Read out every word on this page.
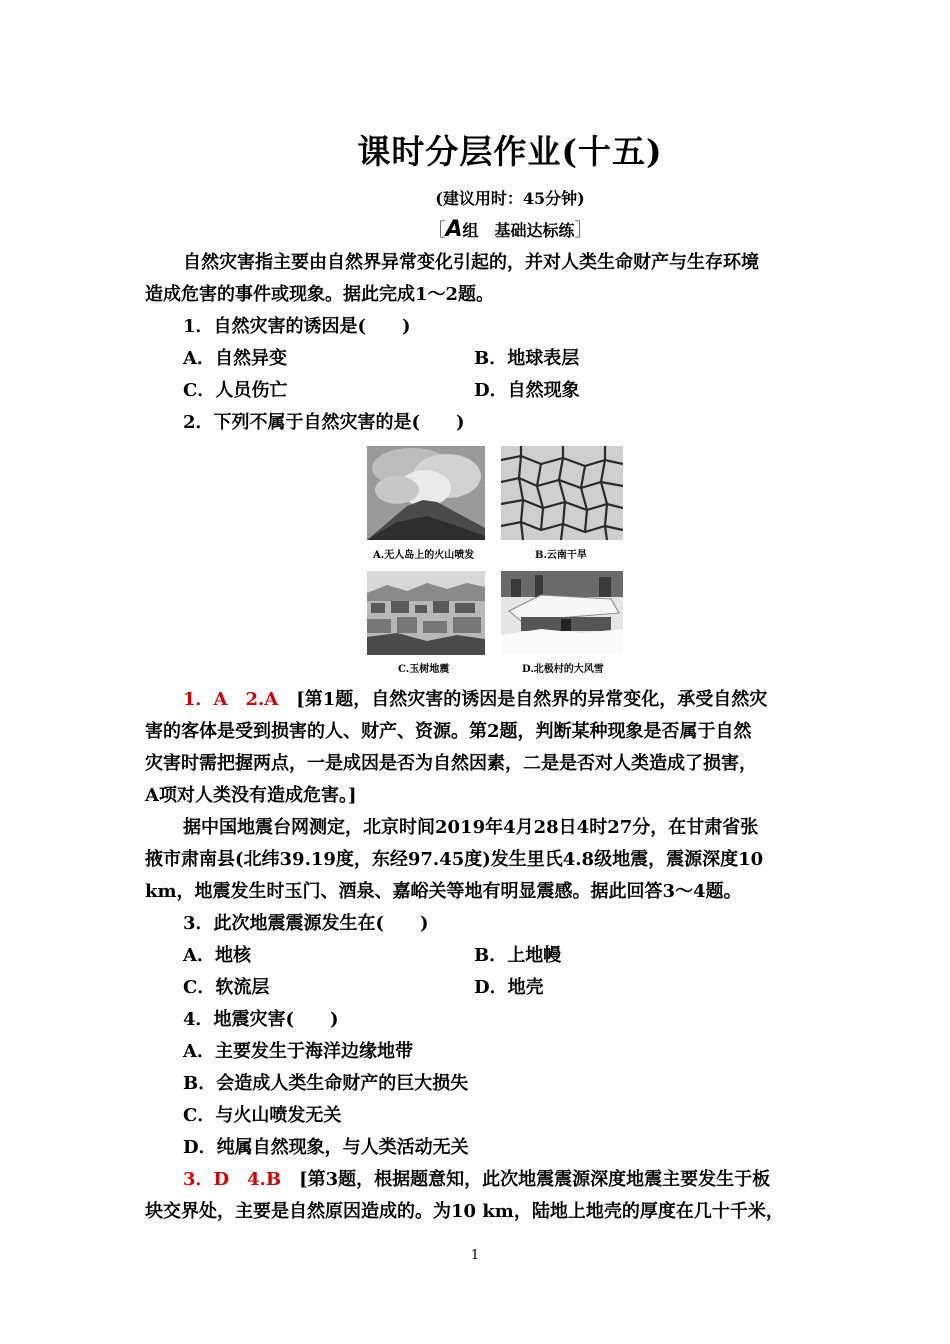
课时分层作业(十五)
(建议用时：45分钟)
［A组　基础达标练］
自然灾害指主要由自然界异常变化引起的，并对人类生命财产与生存环境
造成危害的事件或现象。据此完成1～2题。
1．自然灾害的诱因是(　　)
A．自然异变	B．地球表层
C．人员伤亡	D．自然现象
2．下列不属于自然灾害的是(　　)
A.无人岛上的火山喷发	B.云南干旱
C.玉树地震	D.北极村的大风雪
1．A　2.A　 [第1题，自然灾害的诱因是自然界的异常变化，承受自然灾
害的客体是受到损害的人、财产、资源。第2题，判断某种现象是否属于自然
灾害时需把握两点，一是成因是否为自然因素，二是是否对人类造成了损害，
A项对人类没有造成危害。]
据中国地震台网测定，北京时间2019年4月28日4时27分，在甘肃省张
掖市肃南县(北纬39.19度，东经97.45度)发生里氏4.8级地震，震源深度10
km，地震发生时玉门、酒泉、嘉峪关等地有明显震感。据此回答3～4题。
3．此次地震震源发生在(　　)
A．地核	B．上地幔
C．软流层	D．地壳
4．地震灾害(　　)
A．主要发生于海洋边缘地带
B．会造成人类生命财产的巨大损失
C．与火山喷发无关
D．纯属自然现象，与人类活动无关
3．D　4.B　 [第3题，根据题意知，此次地震震源深度地震主要发生于板
块交界处，主要是自然原因造成的。为10 km，陆地上地壳的厚度在几十千米，
1
